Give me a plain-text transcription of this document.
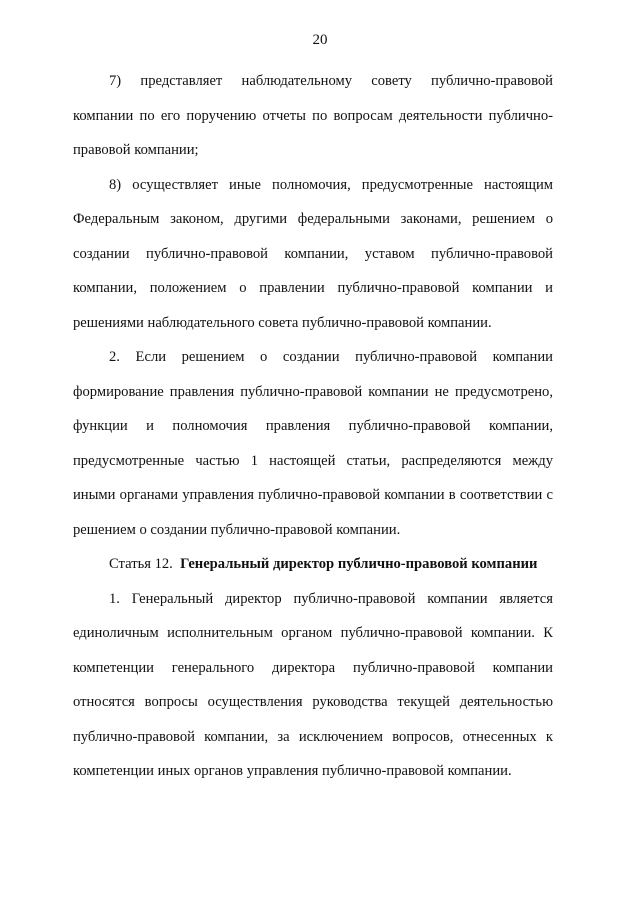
20

7) представляет наблюдательному совету публично-правовой компании по его поручению отчеты по вопросам деятельности публично-правовой компании;

8) осуществляет иные полномочия, предусмотренные настоящим Федеральным законом, другими федеральными законами, решением о создании публично-правовой компании, уставом публично-правовой компании, положением о правлении публично-правовой компании и решениями наблюдательного совета публично-правовой компании.

2. Если решением о создании публично-правовой компании формирование правления публично-правовой компании не предусмотрено, функции и полномочия правления публично-правовой компании, предусмотренные частью 1 настоящей статьи, распределяются между иными органами управления публично-правовой компании в соответствии с решением о создании публично-правовой компании.

Статья 12. Генеральный директор публично-правовой компании

1. Генеральный директор публично-правовой компании является единоличным исполнительным органом публично-правовой компании. К компетенции генерального директора публично-правовой компании относятся вопросы осуществления руководства текущей деятельностью публично-правовой компании, за исключением вопросов, отнесенных к компетенции иных органов управления публично-правовой компании.
